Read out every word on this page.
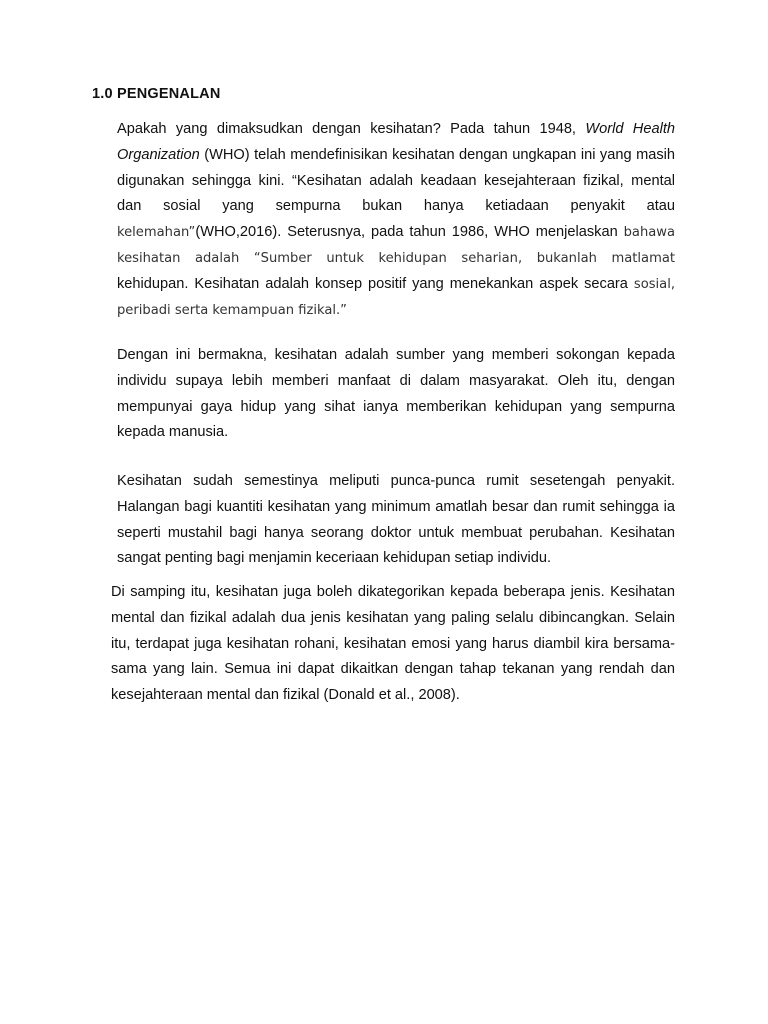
1.0 PENGENALAN

Apakah yang dimaksudkan dengan kesihatan? Pada tahun 1948, World Health Organization (WHO) telah mendefinisikan kesihatan dengan ungkapan ini yang masih digunakan sehingga kini. “Kesihatan adalah keadaan kesejahteraan fizikal, mental dan sosial yang sempurna bukan hanya ketiadaan penyakit atau kelemahan”(WHO,2016). Seterusnya, pada tahun 1986, WHO menjelaskan bahawa kesihatan adalah “Sumber untuk kehidupan seharian, bukanlah matlamat kehidupan. Kesihatan adalah konsep positif yang menekankan aspek secara sosial, peribadi serta kemampuan fizikal.”

Dengan ini bermakna, kesihatan adalah sumber yang memberi sokongan kepada individu supaya lebih memberi manfaat di dalam masyarakat. Oleh itu, dengan mempunyai gaya hidup yang sihat ianya memberikan kehidupan yang sempurna kepada manusia.

Kesihatan sudah semestinya meliputi punca-punca rumit sesetengah penyakit. Halangan bagi kuantiti kesihatan yang minimum amatlah besar dan rumit sehingga ia seperti mustahil bagi hanya seorang doktor untuk membuat perubahan. Kesihatan sangat penting bagi menjamin keceriaan kehidupan setiap individu.

Di samping itu, kesihatan juga boleh dikategorikan kepada beberapa jenis. Kesihatan mental dan fizikal adalah dua jenis kesihatan yang paling selalu dibincangkan. Selain itu, terdapat juga kesihatan rohani, kesihatan emosi yang harus diambil kira bersama-sama yang lain. Semua ini dapat dikaitkan dengan tahap tekanan yang rendah dan kesejahteraan mental dan fizikal (Donald et al., 2008).
